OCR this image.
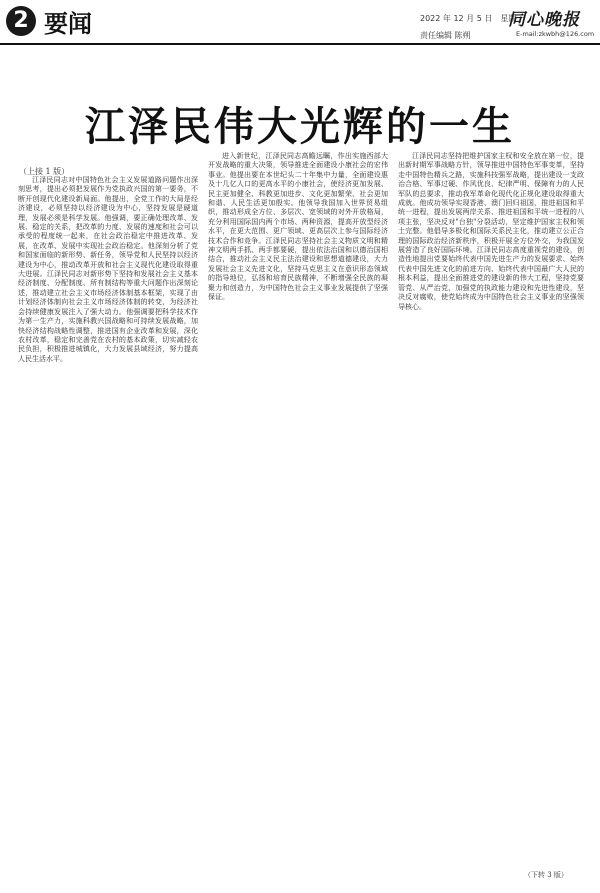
2 要闻	2022 年 12 月 5 日　星期一
责任编辑 陈朔
同心晚报
E-mail:zkwbh@126.com
江泽民伟大光辉的一生
（上接 1 版）

江泽民同志对中国特色社会主义发展道路问题作出深刻思考，提出必须把发展作为党执政兴国的第一要务，不断开创现代化建设新局面。他提出，全党工作的大局是经济建设，必须坚持以经济建设为中心，坚持发展是硬道理，发展必须是科学发展。他强调，要正确处理改革、发展、稳定的关系，把改革的力度、发展的速度和社会可以承受的程度统一起来，在社会政治稳定中推进改革、发展，在改革、发展中实现社会政治稳定。他深刻分析了党和国家面临的新形势、新任务，领导党和人民坚持以经济建设为中心，推动改革开放和社会主义现代化建设取得重大进展。江泽民同志对新形势下坚持和发展社会主义基本经济制度、分配制度、所有制结构等重大问题作出深刻论述，推动建立社会主义市场经济体制基本框架，实现了由计划经济体制向社会主义市场经济体制的转变，为经济社会持续健康发展注入了强大动力。他强调要把科学技术作为第一生产力，实施科教兴国战略和可持续发展战略，加快经济结构战略性调整，推进国有企业改革和发展，深化农村改革，稳定和完善党在农村的基本政策，切实减轻农民负担，积极推进城镇化，大力发展县域经济，努力提高人民生活水平。

进入新世纪，江泽民同志高瞻远瞩，作出实施西部大开发战略的重大决策，领导推进全面建设小康社会的宏伟事业。他提出要在本世纪头二十年集中力量，全面建设惠及十几亿人口的更高水平的小康社会，使经济更加发展、民主更加健全、科教更加进步、文化更加繁荣、社会更加和谐、人民生活更加殷实。他领导我国加入世界贸易组织，推动形成全方位、多层次、宽领域的对外开放格局，充分利用国际国内两个市场、两种资源，提高开放型经济水平，在更大范围、更广领域、更高层次上参与国际经济技术合作和竞争。江泽民同志坚持社会主义物质文明和精神文明两手抓、两手都要硬，提出依法治国和以德治国相结合，推动社会主义民主法治建设和思想道德建设，大力发展社会主义先进文化，坚持马克思主义在意识形态领域的指导地位，弘扬和培育民族精神，不断增强全民族的凝聚力和创造力，为中国特色社会主义事业发展提供了坚强保证。

江泽民同志坚持把维护国家主权和安全放在第一位，提出新时期军事战略方针，领导推进中国特色军事变革，坚持走中国特色精兵之路，实施科技强军战略，提出建设一支政治合格、军事过硬、作风优良、纪律严明、保障有力的人民军队的总要求，推动我军革命化现代化正规化建设取得重大成就。他成功领导实现香港、澳门回归祖国，推进祖国和平统一进程，提出发展两岸关系、推进祖国和平统一进程的八项主张，坚决反对"台独"分裂活动，坚定维护国家主权和领土完整。他倡导多极化和国际关系民主化，推动建立公正合理的国际政治经济新秩序，积极开展全方位外交，为我国发展营造了良好国际环境。江泽民同志高度重视党的建设，创造性地提出党要始终代表中国先进生产力的发展要求、始终代表中国先进文化的前进方向、始终代表中国最广大人民的根本利益，提出全面推进党的建设新的伟大工程，坚持党要管党、从严治党，加强党的执政能力建设和先进性建设，坚决反对腐败，使党始终成为中国特色社会主义事业的坚强领导核心。

（下转 3 版）
